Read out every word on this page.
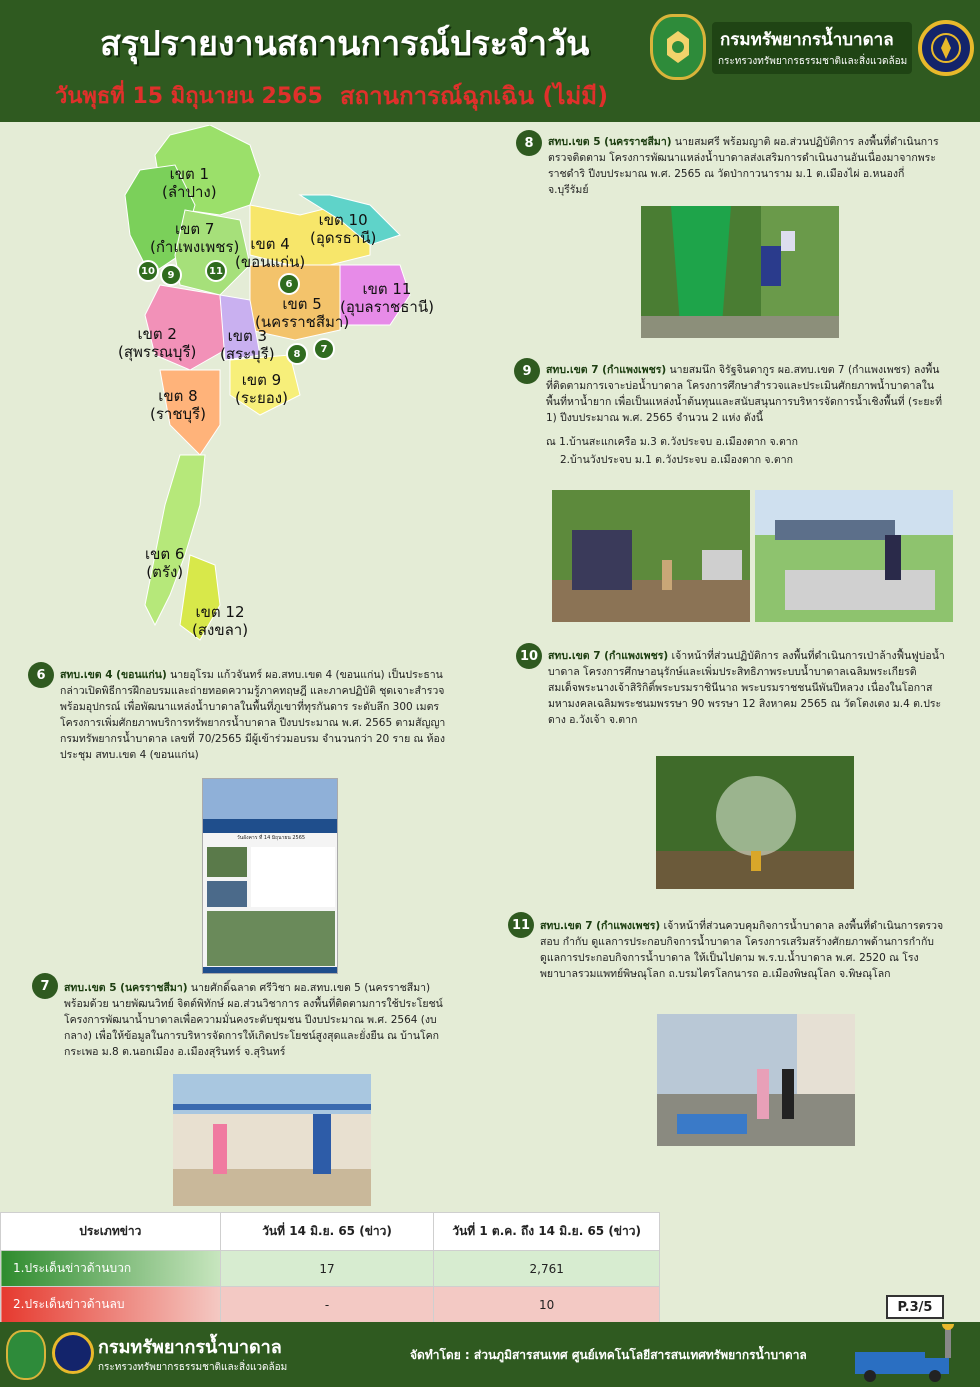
สรุปรายงานสถานการณ์ประจำวัน
วันพุธที่ 15 มิถุนายน 2565 สถานการณ์ฉุกเฉิน (ไม่มี)
กรมทรัพยากรน้ำบาดาล
กระทรวงทรัพยากรธรรมชาติและสิ่งแวดล้อม
เขต 1
(ลำปาง)
เขต 7
(กำแพงเพชร)
เขต 10
(อุดรธานี)
เขต 4
(ขอนแก่น)
เขต 11
(อุบลราชธานี)
เขต 5
(นครราชสีมา)
เขต 2
(สุพรรณบุรี)
เขต 3
(สระบุรี)
เขต 9
(ระยอง)
เขต 8
(ราชบุรี)
เขต 6
(ตรัง)
เขต 12
(สงขลา)
10	9	11
6
8	7
8	สทบ.เขต 5 (นครราชสีมา) นายสมศรี พร้อมญาติ ผอ.ส่วนปฏิบัติการ ลงพื้นที่ดำเนินการตรวจติดตาม โครงการพัฒนาแหล่งน้ำบาดาลส่งเสริมการดำเนินงานอันเนื่องมาจากพระราชดำริ ปีงบประมาณ พ.ศ. 2565 ณ วัดป่ากาวนาราม ม.1 ต.เมืองไผ่ อ.หนองกี่ จ.บุรีรัมย์
9	สทบ.เขต 7 (กำแพงเพชร) นายสมนึก จิรัฐจินดากูร ผอ.สทบ.เขต 7 (กำแพงเพชร) ลงพื้นที่ติดตามการเจาะบ่อน้ำบาดาล โครงการศึกษาสำรวจและประเมินศักยภาพน้ำบาดาลในพื้นที่หาน้ำยาก เพื่อเป็นแหล่งน้ำต้นทุนและสนับสนุนการบริหารจัดการน้ำเชิงพื้นที่ (ระยะที่ 1) ปีงบประมาณ พ.ศ. 2565 จำนวน 2 แห่ง ดังนี้
ณ 1.บ้านสะแกเครือ ม.3 ต.วังประจบ อ.เมืองตาก จ.ตาก
2.บ้านวังประจบ ม.1 ต.วังประจบ อ.เมืองตาก จ.ตาก
10 สทบ.เขต 7 (กำแพงเพชร) เจ้าหน้าที่ส่วนปฏิบัติการ ลงพื้นที่ดำเนินการเป่าล้างฟื้นฟูบ่อน้ำบาดาล โครงการศึกษาอนุรักษ์และเพิ่มประสิทธิภาพระบบน้ำบาดาลเฉลิมพระเกียรติสมเด็จพระนางเจ้าสิริกิติ์พระบรมราชินีนาถ พระบรมราชชนนีพันปีหลวง เนื่องในโอกาสมหามงคลเฉลิมพระชนมพรรษา 90 พรรษา 12 สิงหาคม 2565 ณ วัดโตงเตง ม.4 ต.ประดาง อ.วังเจ้า จ.ตาก
6	สทบ.เขต 4 (ขอนแก่น) นายอุโรม แก้วจันทร์ ผอ.สทบ.เขต 4 (ขอนแก่น) เป็นประธานกล่าวเปิดพิธีการฝึกอบรมและถ่ายทอดความรู้ภาคทฤษฎี และภาคปฏิบัติ ชุดเจาะสำรวจพร้อมอุปกรณ์ เพื่อพัฒนาแหล่งน้ำบาดาลในพื้นที่ภูเขาที่ทุรกันดาร ระดับลึก 300 เมตร โครงการเพิ่มศักยภาพบริการทรัพยากรน้ำบาดาล ปีงบประมาณ พ.ศ. 2565 ตามสัญญากรมทรัพยากรน้ำบาดาล เลขที่ 70/2565 มีผู้เข้าร่วมอบรม จำนวนกว่า 20 ราย ณ ห้องประชุม สทบ.เขต 4 (ขอนแก่น)
วันอังคาร ที่ 14 มิถุนายน 2565
11 สทบ.เขต 7 (กำแพงเพชร) เจ้าหน้าที่ส่วนควบคุมกิจการน้ำบาดาล ลงพื้นที่ดำเนินการตรวจสอบ กำกับ ดูแลการประกอบกิจการน้ำบาดาล โครงการเสริมสร้างศักยภาพด้านการกำกับ ดูแลการประกอบกิจการน้ำบาดาล ให้เป็นไปตาม พ.ร.บ.น้ำบาดาล พ.ศ. 2520 ณ โรงพยาบาลรวมแพทย์พิษณุโลก ถ.บรมไตรโลกนารถ อ.เมืองพิษณุโลก จ.พิษณุโลก
7	สทบ.เขต 5 (นครราชสีมา) นายศักดิ์ฉลาด ศรีวิชา ผอ.สทบ.เขต 5 (นครราชสีมา) พร้อมด้วย นายพัฒนวิทย์ จิตต์พิทักษ์ ผอ.ส่วนวิชาการ ลงพื้นที่ติดตามการใช้ประโยชน์โครงการพัฒนาน้ำบาดาลเพื่อความมั่นคงระดับชุมชน ปีงบประมาณ พ.ศ. 2564 (งบกลาง) เพื่อให้ข้อมูลในการบริหารจัดการให้เกิดประโยชน์สูงสุดและยั่งยืน ณ บ้านโคกกระเพอ ม.8 ต.นอกเมือง อ.เมืองสุรินทร์ จ.สุรินทร์
ประเภทข่าว	วันที่ 14 มิ.ย. 65 (ข่าว)	วันที่ 1 ต.ค. ถึง 14 มิ.ย. 65 (ข่าว)
1.ประเด็นข่าวด้านบวก	17	2,761
2.ประเด็นข่าวด้านลบ	-	10	P.3/5
กรมทรัพยากรน้ำบาดาล
กระทรวงทรัพยากรธรรมชาติและสิ่งแวดล้อม
จัดทำโดย : ส่วนภูมิสารสนเทศ ศูนย์เทคโนโลยีสารสนเทศทรัพยากรน้ำบาดาล
